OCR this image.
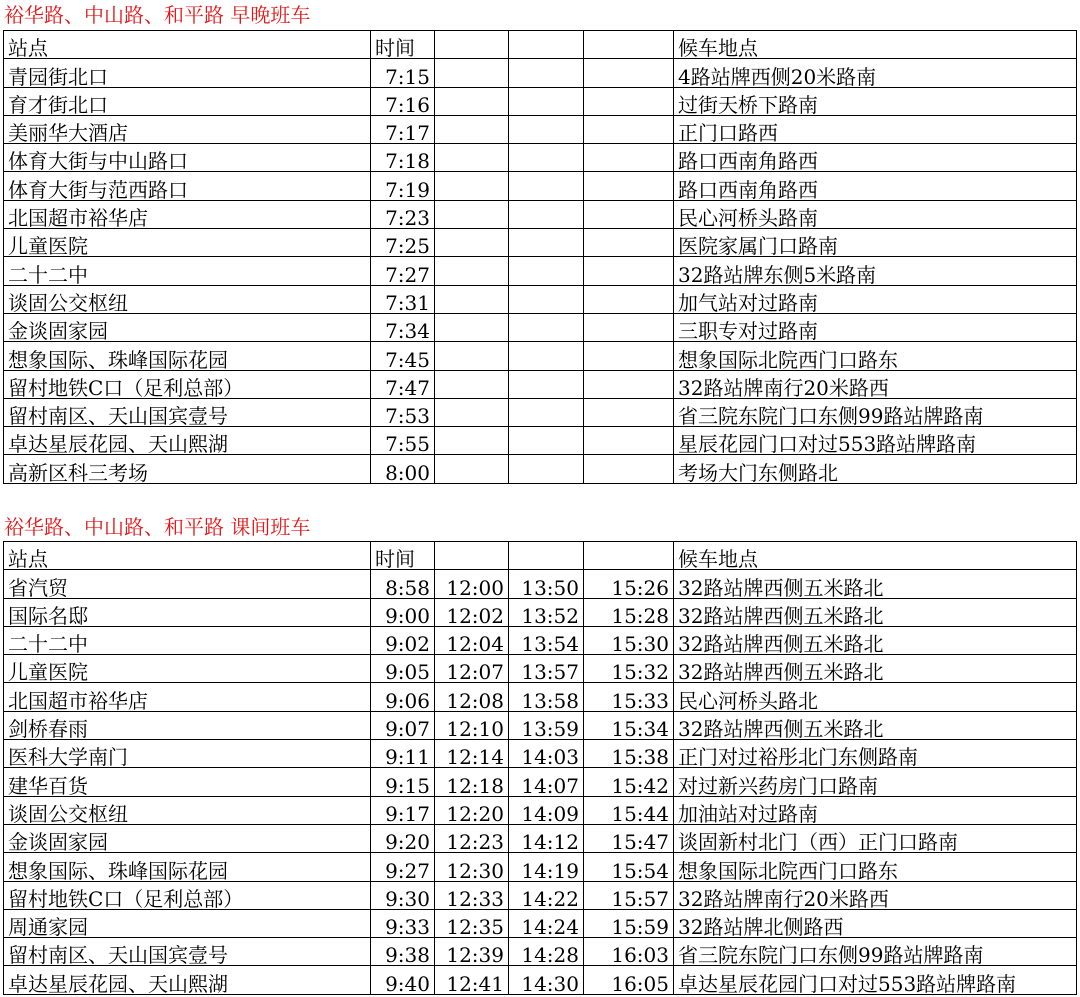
裕华路、中山路、和平路 早晚班车
站点	时间				候车地点
青园街北口	7:15				4路站牌西侧20米路南
育才街北口	7:16				过街天桥下路南
美丽华大酒店	7:17				正门口路西
体育大街与中山路口	7:18				路口西南角路西
体育大街与范西路口	7:19				路口西南角路西
北国超市裕华店	7:23				民心河桥头路南
儿童医院	7:25				医院家属门口路南
二十二中	7:27				32路站牌东侧5米路南
谈固公交枢纽	7:31				加气站对过路南
金谈固家园	7:34				三职专对过路南
想象国际、珠峰国际花园	7:45				想象国际北院西门口路东
留村地铁C口（足利总部）	7:47				32路站牌南行20米路西
留村南区、天山国宾壹号	7:53				省三院东院门口东侧99路站牌路南
卓达星辰花园、天山熙湖	7:55				星辰花园门口对过553路站牌路南
高新区科三考场	8:00				考场大门东侧路北
裕华路、中山路、和平路 课间班车
站点	时间				候车地点
省汽贸	8:58	12:00	13:50	15:26	32路站牌西侧五米路北
国际名邸	9:00	12:02	13:52	15:28	32路站牌西侧五米路北
二十二中	9:02	12:04	13:54	15:30	32路站牌西侧五米路北
儿童医院	9:05	12:07	13:57	15:32	32路站牌西侧五米路北
北国超市裕华店	9:06	12:08	13:58	15:33	民心河桥头路北
剑桥春雨	9:07	12:10	13:59	15:34	32路站牌西侧五米路北
医科大学南门	9:11	12:14	14:03	15:38	正门对过裕彤北门东侧路南
建华百货	9:15	12:18	14:07	15:42	对过新兴药房门口路南
谈固公交枢纽	9:17	12:20	14:09	15:44	加油站对过路南
金谈固家园	9:20	12:23	14:12	15:47	谈固新村北门（西）正门口路南
想象国际、珠峰国际花园	9:27	12:30	14:19	15:54	想象国际北院西门口路东
留村地铁C口（足利总部）	9:30	12:33	14:22	15:57	32路站牌南行20米路西
周通家园	9:33	12:35	14:24	15:59	32路站牌北侧路西
留村南区、天山国宾壹号	9:38	12:39	14:28	16:03	省三院东院门口东侧99路站牌路南
卓达星辰花园、天山熙湖	9:40	12:41	14:30	16:05	卓达星辰花园门口对过553路站牌路南
